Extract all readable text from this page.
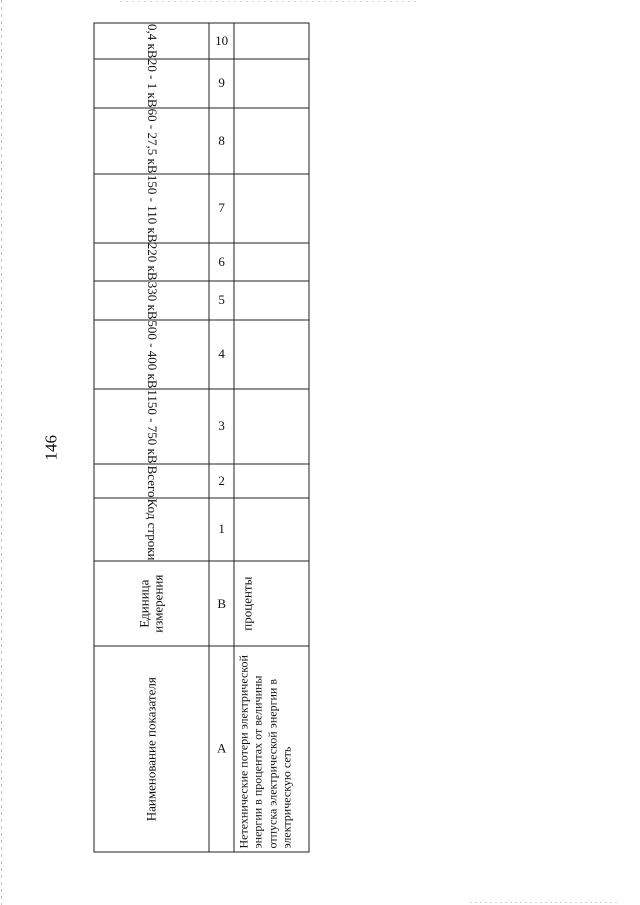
146
Наименование показателя	Единица измерения	Код строки	Всего	1150 - 750 кВ	500 - 400 кВ	330 кВ	220 кВ	150 - 110 кВ	60 - 27,5 кВ	20 - 1 кВ	0,4 кВ
А	В	1	2	3	4	5	6	7	8	9	10
Нетехнические потери электрической энергии в процентах от величины отпуска электрической энергии в электрическую сеть	проценты										
